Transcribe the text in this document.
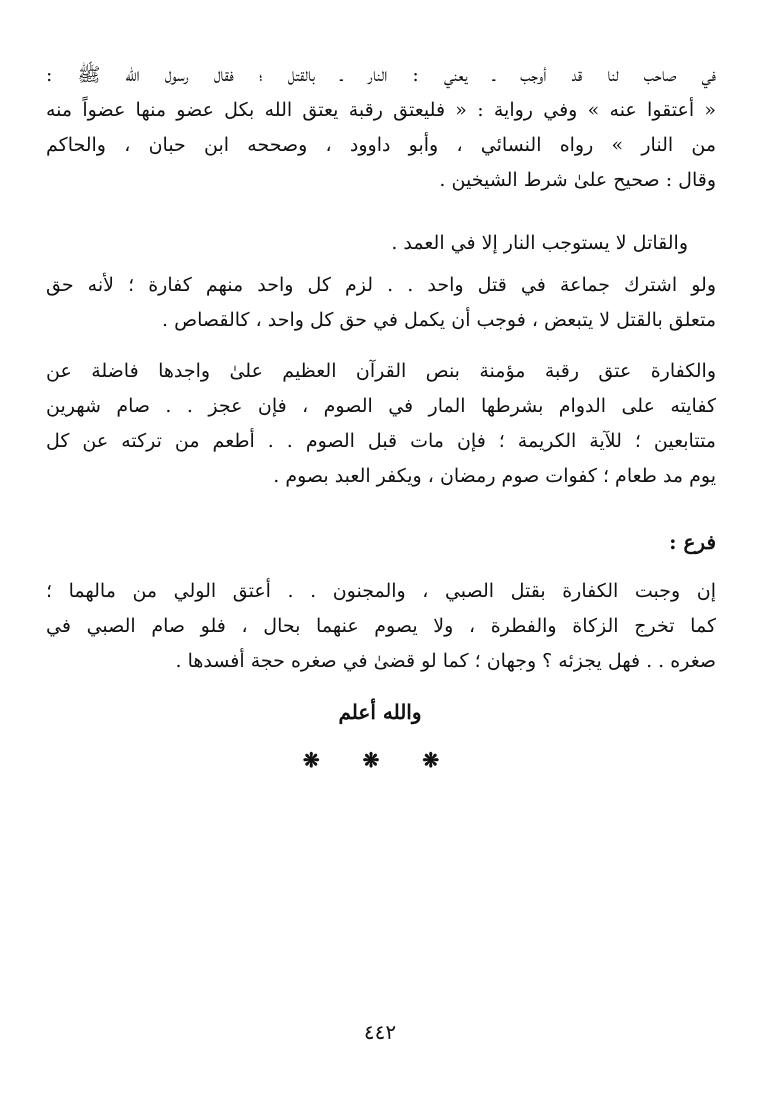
في صاحب لنا قد أوجب ـ يعني : النار ـ بالقتل ؛ فقال رسول الله ﷺ :
« أعتقوا عنه » وفي رواية : « فليعتق رقبة يعتق الله بكل عضو منها عضواً منه
من النار » رواه النسائي ، وأبو داوود ، وصححه ابن حبان ، والحاكم
وقال : صحيح علىٰ شرط الشيخين .
والقاتل لا يستوجب النار إلا في العمد .
ولو اشترك جماعة في قتل واحد . . لزم كل واحد منهم كفارة ؛ لأنه حق
متعلق بالقتل لا يتبعض ، فوجب أن يكمل في حق كل واحد ، كالقصاص .
والكفارة عتق رقبة مؤمنة بنص القرآن العظيم علىٰ واجدها فاضلة عن
كفايته على الدوام بشرطها المار في الصوم ، فإن عجز . . صام شهرين
متتابعين ؛ للآية الكريمة ؛ فإن مات قبل الصوم . . أطعم من تركته عن كل
يوم مد طعام ؛ كفوات صوم رمضان ، ويكفر العبد بصوم .
فرع :
إن وجبت الكفارة بقتل الصبي ، والمجنون . . أعتق الولي من مالهما ؛
كما تخرج الزكاة والفطرة ، ولا يصوم عنهما بحال ، فلو صام الصبي في
صغره . . فهل يجزئه ؟ وجهان ؛ كما لو قضىٰ في صغره حجة أفسدها .
والله أعلم
❋ ❋ ❋
٤٤٢
